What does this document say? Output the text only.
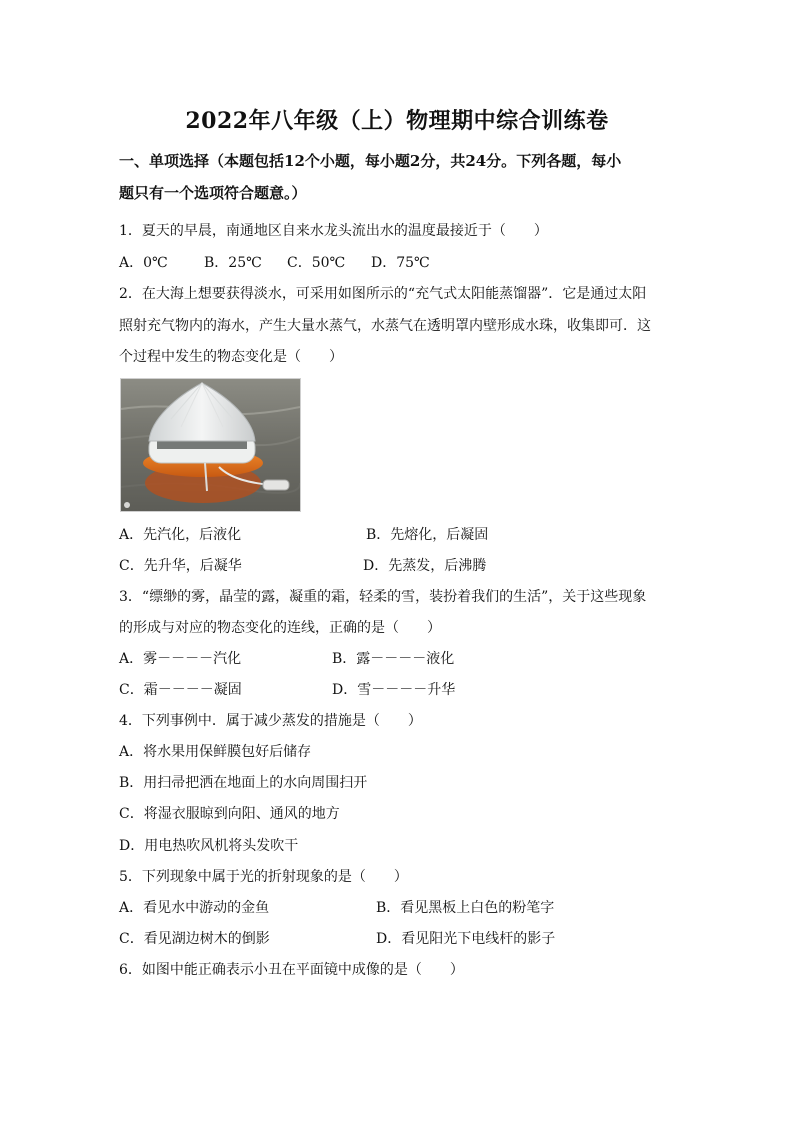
2022年八年级（上）物理期中综合训练卷
一、单项选择（本题包括12个小题，每小题2分，共24分。下列各题，每小
题只有一个选项符合题意。）
1．夏天的早晨，南通地区自来水龙头流出水的温度最接近于（　　）
A．0℃	B．25℃ C．50℃ D．75℃
2．在大海上想要获得淡水，可采用如图所示的“充气式太阳能蒸馏器”．它是通过太阳
照射充气物内的海水，产生大量水蒸气，水蒸气在透明罩内壁形成水珠，收集即可．这
个过程中发生的物态变化是（　　）
A．先汽化，后液化	B．先熔化，后凝固
C．先升华，后凝华	D．先蒸发，后沸腾
3．“缥缈的雾，晶莹的露，凝重的霜，轻柔的雪，装扮着我们的生活”，关于这些现象
的形成与对应的物态变化的连线，正确的是（　　）
A．雾－－－－汽化	B．露－－－－液化
C．霜－－－－凝固	D．雪－－－－升华
4．下列事例中．属于减少蒸发的措施是（　　）
A．将水果用保鲜膜包好后储存
B．用扫帚把洒在地面上的水向周围扫开
C．将湿衣服晾到向阳、通风的地方
D．用电热吹风机将头发吹干
5．下列现象中属于光的折射现象的是（　　）
A．看见水中游动的金鱼	B．看见黑板上白色的粉笔字
C．看见湖边树木的倒影	D．看见阳光下电线杆的影子
6．如图中能正确表示小丑在平面镜中成像的是（　　）
